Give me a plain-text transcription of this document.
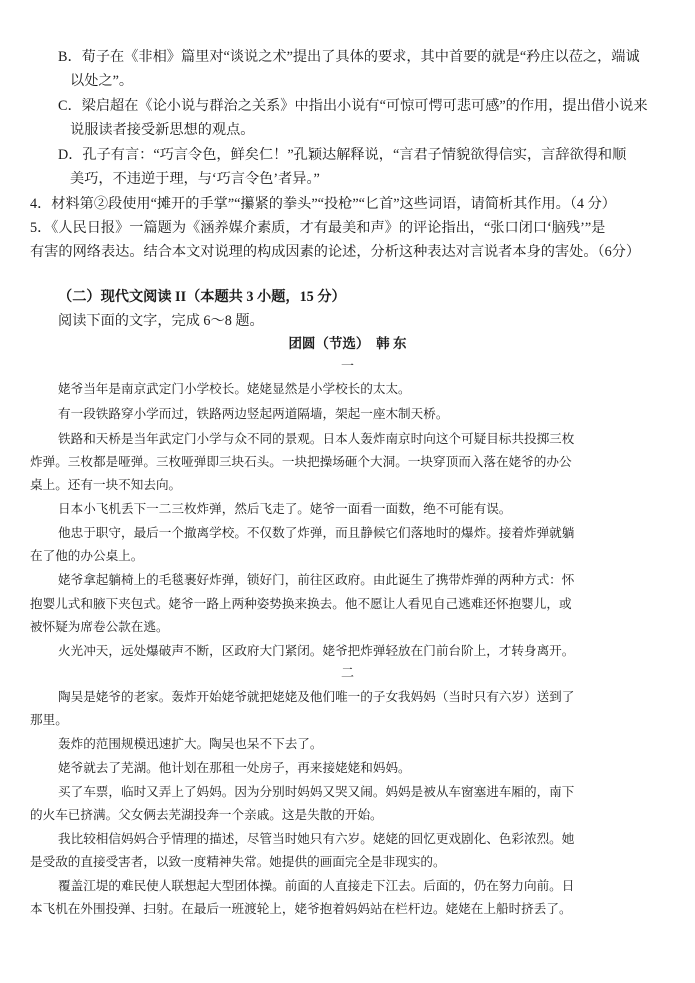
B．荀子在《非相》篇里对“谈说之术”提出了具体的要求，其中首要的就是“矜庄以莅之，端诚
以处之”。
C．梁启超在《论小说与群治之关系》中指出小说有“可惊可愕可悲可感”的作用，提出借小说来
说服读者接受新思想的观点。
D．孔子有言：“巧言令色，鲜矣仁！”孔颖达解释说，“言君子情貌欲得信实，言辞欲得和顺
美巧，不违逆于理，与‘巧言令色’者异。”
4．材料第②段使用“摊开的手掌”“攥紧的拳头”“投枪”“匕首”这些词语，请简析其作用。（4 分）
5．《人民日报》一篇题为《涵养媒介素质，才有最美和声》的评论指出，“张口闭口‘脑残’”是
有害的网络表达。结合本文对说理的构成因素的论述，分析这种表达对言说者本身的害处。（6分）
（二）现代文阅读 II（本题共 3 小题，15 分）
阅读下面的文字，完成 6～8 题。
团圆（节选）　韩 东
一
姥爷当年是南京武定门小学校长。姥姥显然是小学校长的太太。
有一段铁路穿小学而过，铁路两边竖起两道隔墙，架起一座木制天桥。
铁路和天桥是当年武定门小学与众不同的景观。日本人轰炸南京时向这个可疑目标共投掷三枚
炸弹。三枚都是哑弹。三枚哑弹即三块石头。一块把操场砸个大洞。一块穿顶而入落在姥爷的办公
桌上。还有一块不知去向。
日本小飞机丢下一二三枚炸弹，然后飞走了。姥爷一面看一面数，绝不可能有误。
他忠于职守，最后一个撤离学校。不仅数了炸弹，而且静候它们落地时的爆炸。接着炸弹就躺
在了他的办公桌上。
姥爷拿起躺椅上的毛毯裹好炸弹，锁好门，前往区政府。由此诞生了携带炸弹的两种方式：怀
抱婴儿式和腋下夹包式。姥爷一路上两种姿势换来换去。他不愿让人看见自己逃难还怀抱婴儿，或
被怀疑为席卷公款在逃。
火光冲天，远处爆破声不断，区政府大门紧闭。姥爷把炸弹轻放在门前台阶上，才转身离开。
二
陶吴是姥爷的老家。轰炸开始姥爷就把姥姥及他们唯一的子女我妈妈（当时只有六岁）送到了
那里。
轰炸的范围规模迅速扩大。陶吴也呆不下去了。
姥爷就去了芜湖。他计划在那租一处房子，再来接姥姥和妈妈。
买了车票，临时又弄上了妈妈。因为分别时妈妈又哭又闹。妈妈是被从车窗塞进车厢的，南下
的火车已挤满。父女俩去芜湖投奔一个亲戚。这是失散的开始。
我比较相信妈妈合乎情理的描述，尽管当时她只有六岁。姥姥的回忆更戏剧化、色彩浓烈。她
是受敌的直接受害者，以致一度精神失常。她提供的画面完全是非现实的。
覆盖江堤的难民使人联想起大型团体操。前面的人直接走下江去。后面的，仍在努力向前。日
本飞机在外围投弹、扫射。在最后一班渡轮上，姥爷抱着妈妈站在栏杆边。姥姥在上船时挤丢了。
